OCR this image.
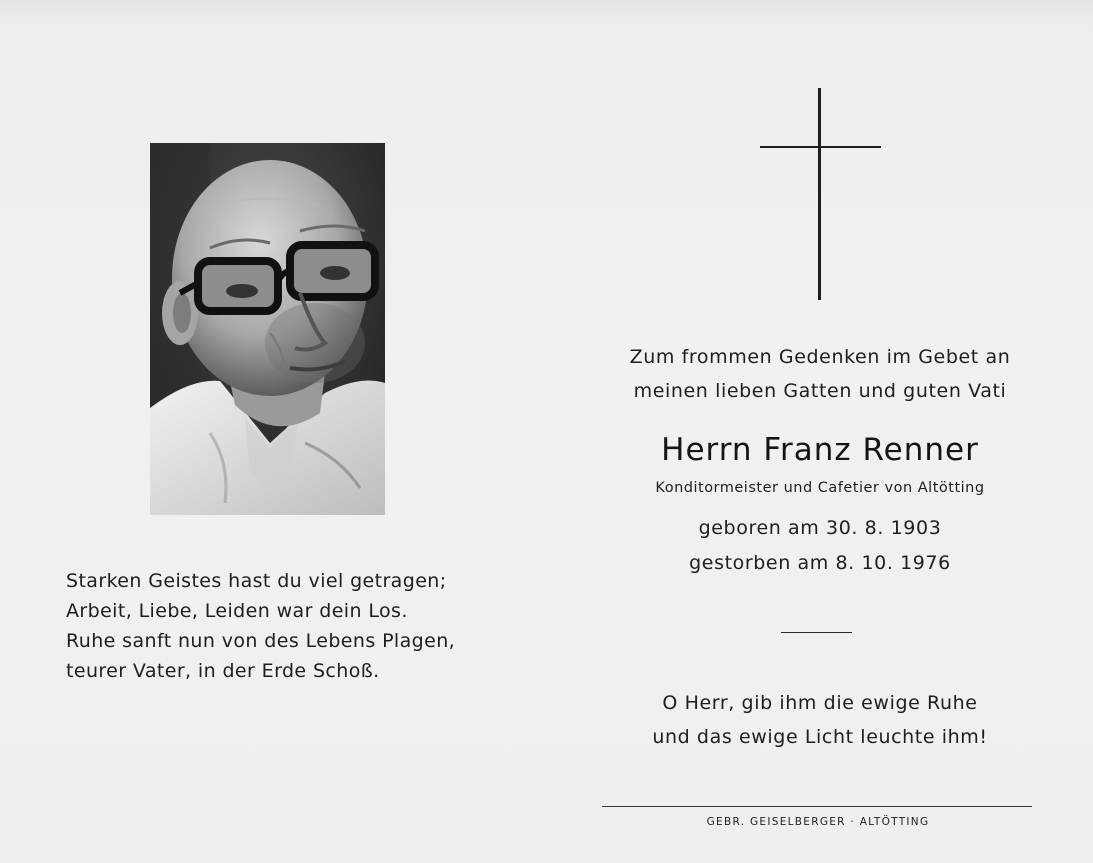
Starken Geistes hast du viel getragen;
Arbeit, Liebe, Leiden war dein Los.
Ruhe sanft nun von des Lebens Plagen,
teurer Vater, in der Erde Schoß.
Zum frommen Gedenken im Gebet an
meinen lieben Gatten und guten Vati
Herrn Franz Renner
Konditormeister und Cafetier von Altötting
geboren am 30. 8. 1903
gestorben am 8. 10. 1976
O Herr, gib ihm die ewige Ruhe
und das ewige Licht leuchte ihm!
GEBR. GEISELBERGER · ALTÖTTING
